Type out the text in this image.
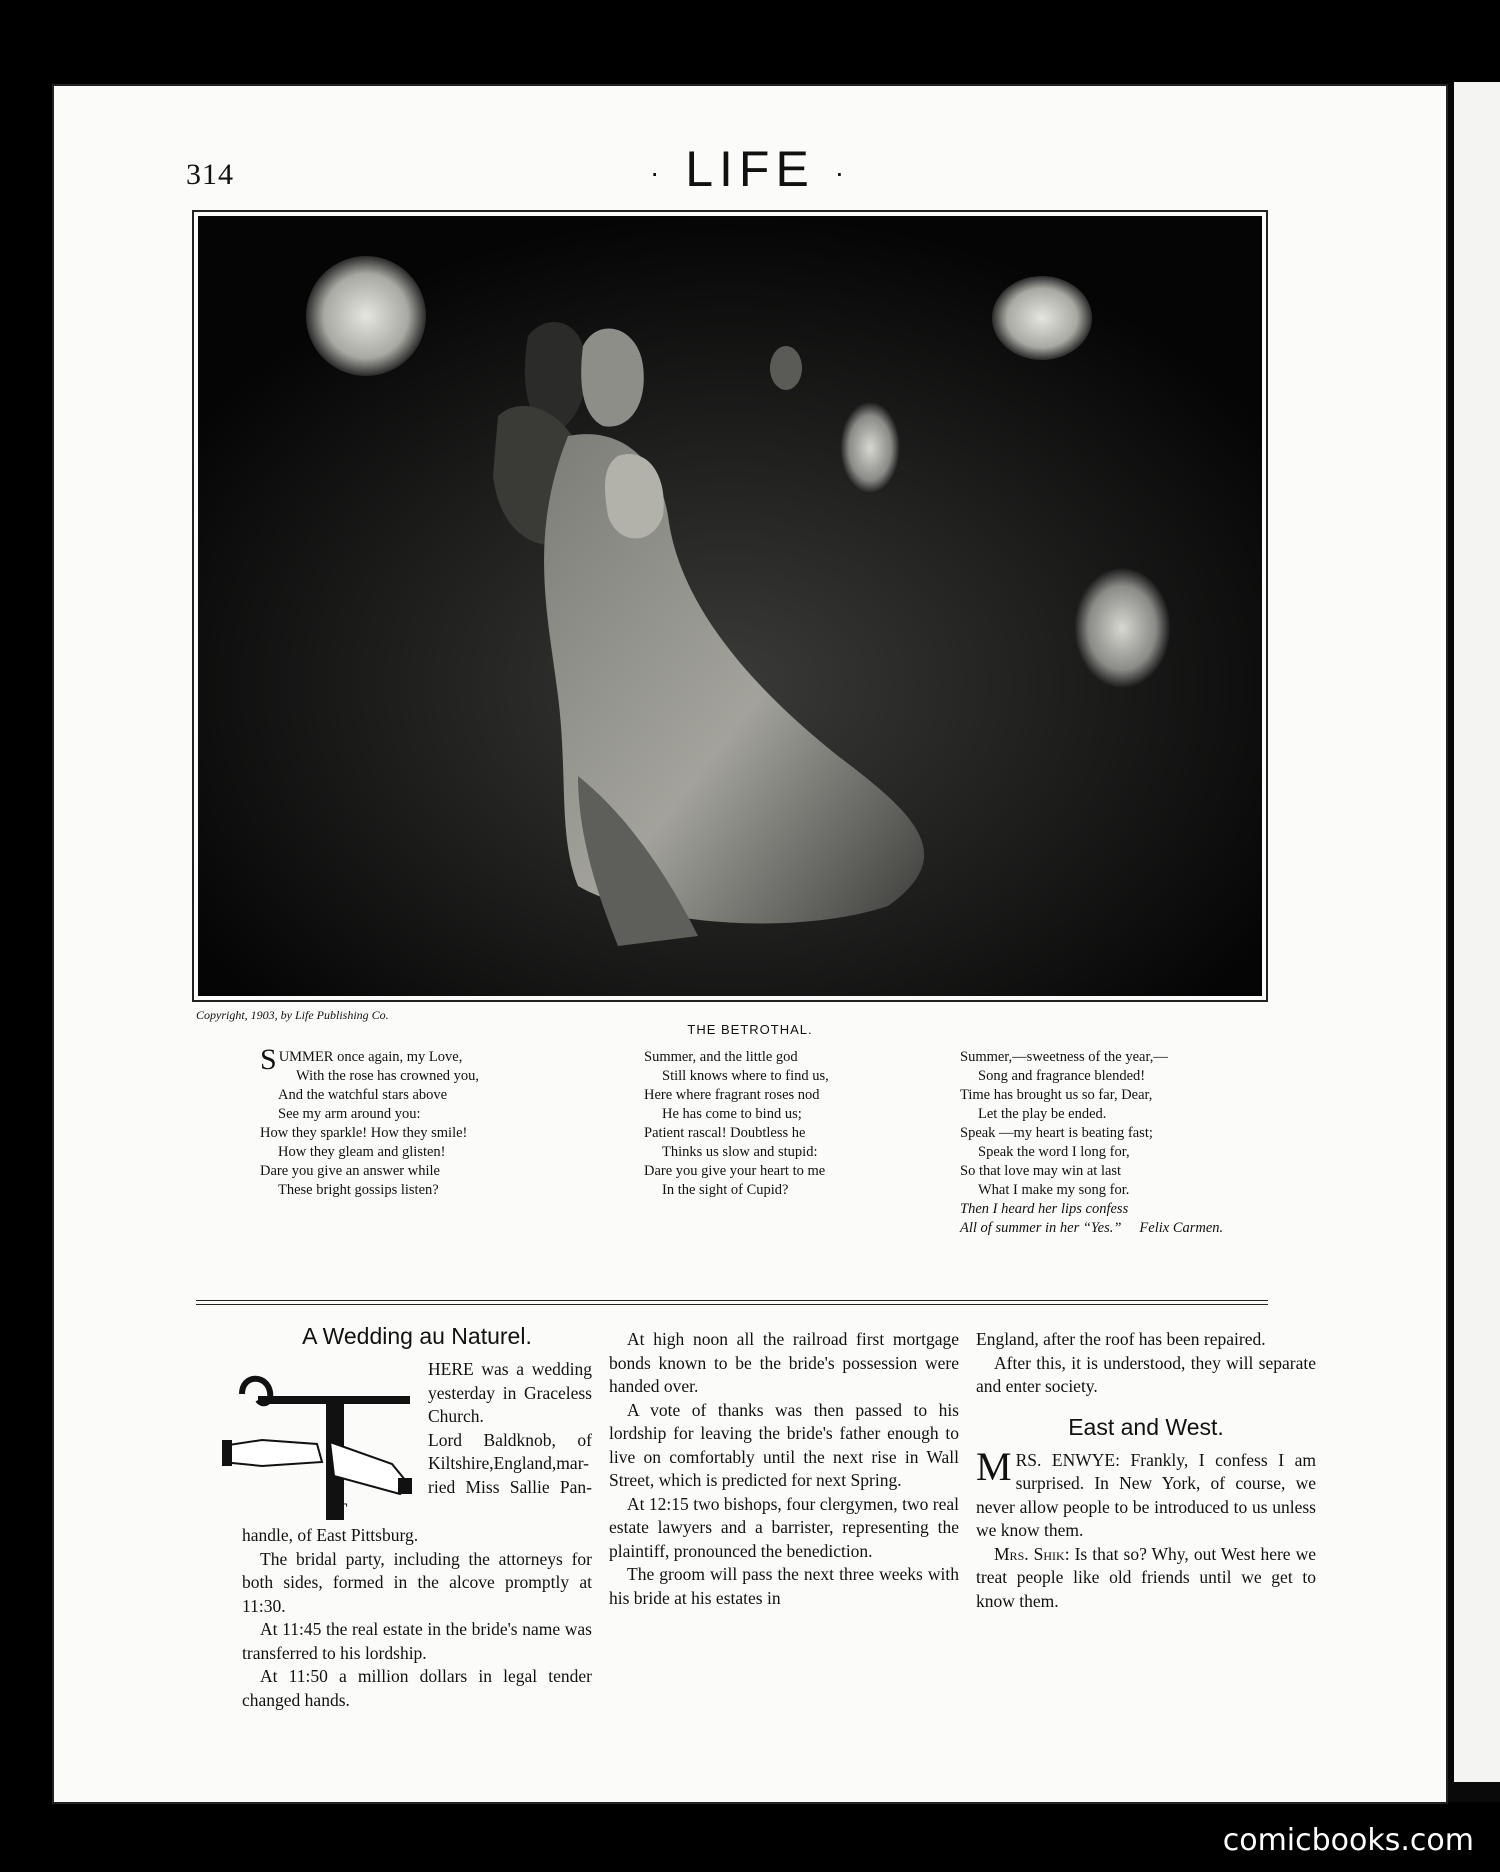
314	· LIFE ·
Copyright, 1903, by Life Publishing Co.
THE BETROTHAL.
S UMMER once again, my Love,
With the rose has crowned you,
And the watchful stars above
See my arm around you:
How they sparkle! How they smile!
How they gleam and glisten!
Dare you give an answer while
These bright gossips listen?
Summer, and the little god
Still knows where to find us,
Here where fragrant roses nod
He has come to bind us;
Patient rascal! Doubtless he
Thinks us slow and stupid:
Dare you give your heart to me
In the sight of Cupid?
Summer,—sweetness of the year,—
Song and fragrance blended!
Time has brought us so far, Dear,
Let the play be ended.
Speak —my heart is beating fast;
Speak the word I long for,
So that love may win at last
What I make my song for.
Then I heard her lips confess
All of summer in her “Yes.” Felix Carmen.
A Wedding au Naturel.
T

HERE was a wedding
yesterday in Graceless
Church.
Lord Baldknob, of
Kiltshire,England,mar-
ried Miss Sallie Pan-

handle, of East Pittsburg.

The bridal party, including the attorneys for both sides, formed in the alcove promptly at 11:30.

At 11:45 the real estate in the bride's name was transferred to his lordship.

At 11:50 a million dollars in legal tender changed hands.

At high noon all the railroad first mortgage bonds known to be the bride's possession were handed over.

A vote of thanks was then passed to his lordship for leaving the bride's father enough to live on comfortably until the next rise in Wall Street, which is predicted for next Spring.

At 12:15 two bishops, four clergymen, two real estate lawyers and a barrister, representing the plaintiff, pronounced the benediction.

The groom will pass the next three weeks with his bride at his estates in

England, after the roof has been repaired.

After this, it is understood, they will separate and enter society.

East and West.

M RS. ENWYE: Frankly, I confess I am surprised. In New York, of course, we never allow people to be introduced to us unless we know them.

Mrs. Shik: Is that so? Why, out West here we treat people like old friends until we get to know them.

comicbooks.com
